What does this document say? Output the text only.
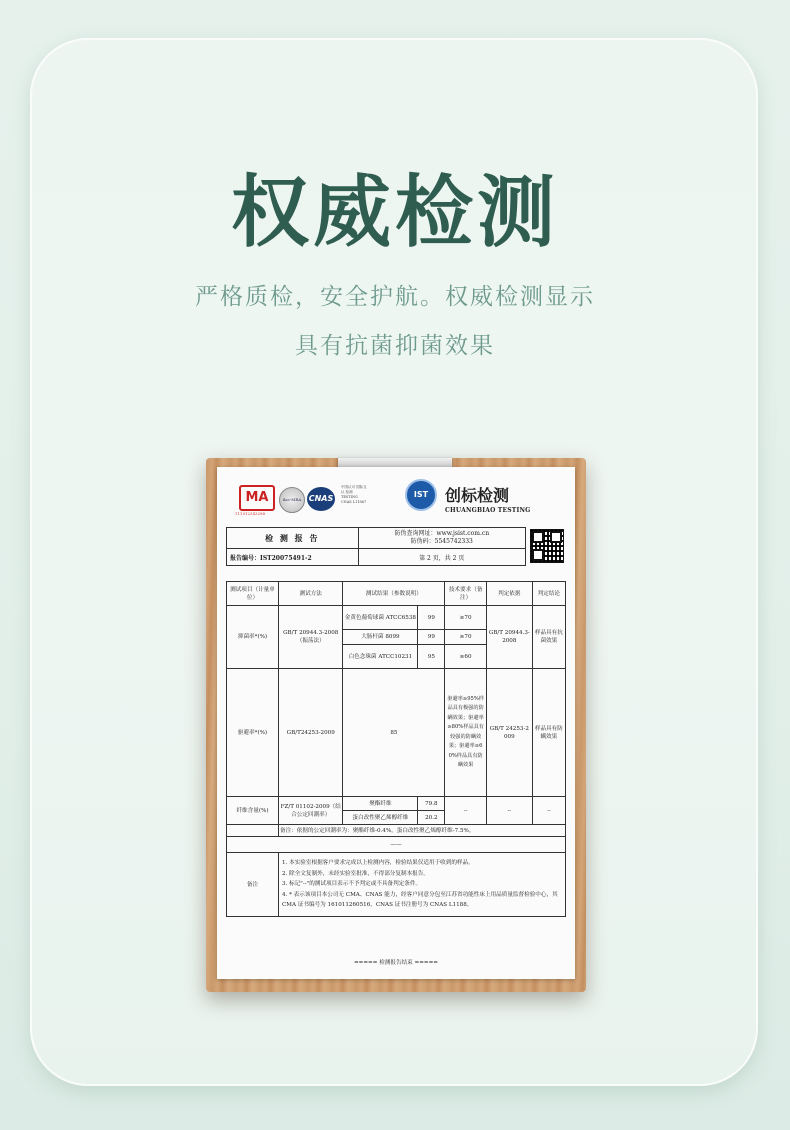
权威检测
严格质检，安全护航。权威检测显示
具有抗菌抑菌效果
MA
111012343288
ilac-MRA CNAS
中国认可 国际互认 检测 TESTING CNAS L11867
IST	创标检测
CHUANGBIAO TESTING
检 测 报 告	防伪查询网址：www.jsist.com.cn
防伪码：5545742333

报告编号：IST20075491-2	第 2 页，共 2 页
测试项目（计量单位）	测试方法	测试结果（参数说明）		技术要求（备注）	判定依据	判定结论
抑菌率*(%)	GB/T 20944.3-2008（振荡法）	金黄色葡萄球菌 ATCC6538	99	≥70	GB/T 20944.3-2008	样品具有抗菌效果
		大肠杆菌 8099	99	≥70		
		白色念珠菌 ATCC10231	95	≥60		
驱避率*(%)	GB/T24253-2009	85		驱避率≥95%样品具有极强的防螨效果；驱避率≥80%样品具有较强的防螨效果；驱避率≥60%样品具有防螨效果	GB/T 24253-2009	样品具有防螨效果
纤维含量(%)	FZ/T 01102-2009（结合公定回潮率）	聚酯纤维	79.8	--	--	--
		蛋白改性聚乙烯醇纤维	20.2			
	备注：依据的公定回潮率为：聚酯纤维-0.4%，蛋白改性聚乙烯醇纤维-7.5%。					
——						
备注	1. 本实验室根据客户要求完成以上检测内容，检验结果仅适用于收到的样品。
2. 除全文复制外，未经实验室批准，不得部分复制本报告。
3. 标记"--"的测试项目表示不予判定或不具备判定条件。
4. * 表示该项目本公司无 CMA、CNAS 能力，经客户同意分包至江苏省功能性床上用品质量监督检验中心，其 CMA 证书编号为 161011260516，CNAS 证书注册号为 CNAS L1188。					
===== 检测报告结束 =====
